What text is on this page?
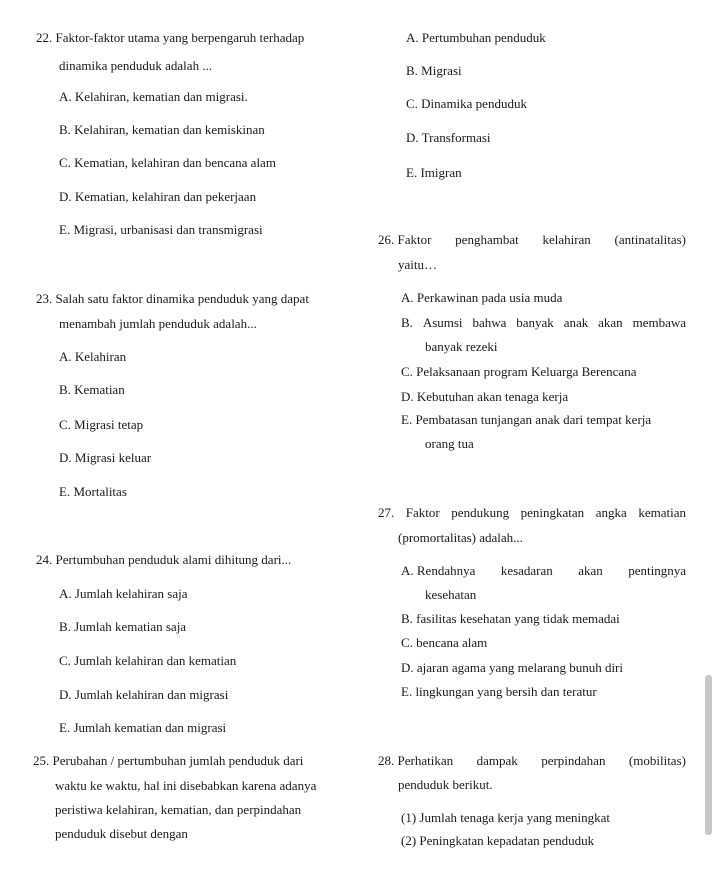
22. Faktor-faktor utama yang berpengaruh terhadap
dinamika penduduk adalah ...
A. Kelahiran, kematian dan migrasi.
B. Kelahiran, kematian dan kemiskinan
C. Kematian, kelahiran dan bencana alam
D. Kematian, kelahiran dan pekerjaan
E. Migrasi, urbanisasi dan transmigrasi
23. Salah satu faktor dinamika penduduk yang dapat
menambah jumlah penduduk adalah...
A. Kelahiran
B. Kematian
C. Migrasi tetap
D. Migrasi keluar
E. Mortalitas
24. Pertumbuhan penduduk alami dihitung dari...
A. Jumlah kelahiran saja
B. Jumlah kematian saja
C. Jumlah kelahiran dan kematian
D. Jumlah kelahiran dan migrasi
E. Jumlah kematian dan migrasi
25. Perubahan / pertumbuhan jumlah penduduk dari
waktu ke waktu, hal ini disebabkan karena adanya
peristiwa kelahiran, kematian, dan perpindahan
penduduk disebut dengan
A. Pertumbuhan penduduk
B. Migrasi
C. Dinamika penduduk
D. Transformasi
E. Imigran
26. Faktor penghambat kelahiran (antinatalitas)
yaitu…
A. Perkawinan pada usia muda
B. Asumsi bahwa banyak anak akan membawa
banyak rezeki
C. Pelaksanaan program Keluarga Berencana
D. Kebutuhan akan tenaga kerja
E. Pembatasan tunjangan anak dari tempat kerja
orang tua
27. Faktor pendukung peningkatan angka kematian
(promortalitas) adalah...
A. Rendahnya kesadaran akan pentingnya
kesehatan
B. fasilitas kesehatan yang tidak memadai
C. bencana alam
D. ajaran agama yang melarang bunuh diri
E. lingkungan yang bersih dan teratur
28. Perhatikan dampak perpindahan (mobilitas)
penduduk berikut.
(1) Jumlah tenaga kerja yang meningkat
(2) Peningkatan kepadatan penduduk
